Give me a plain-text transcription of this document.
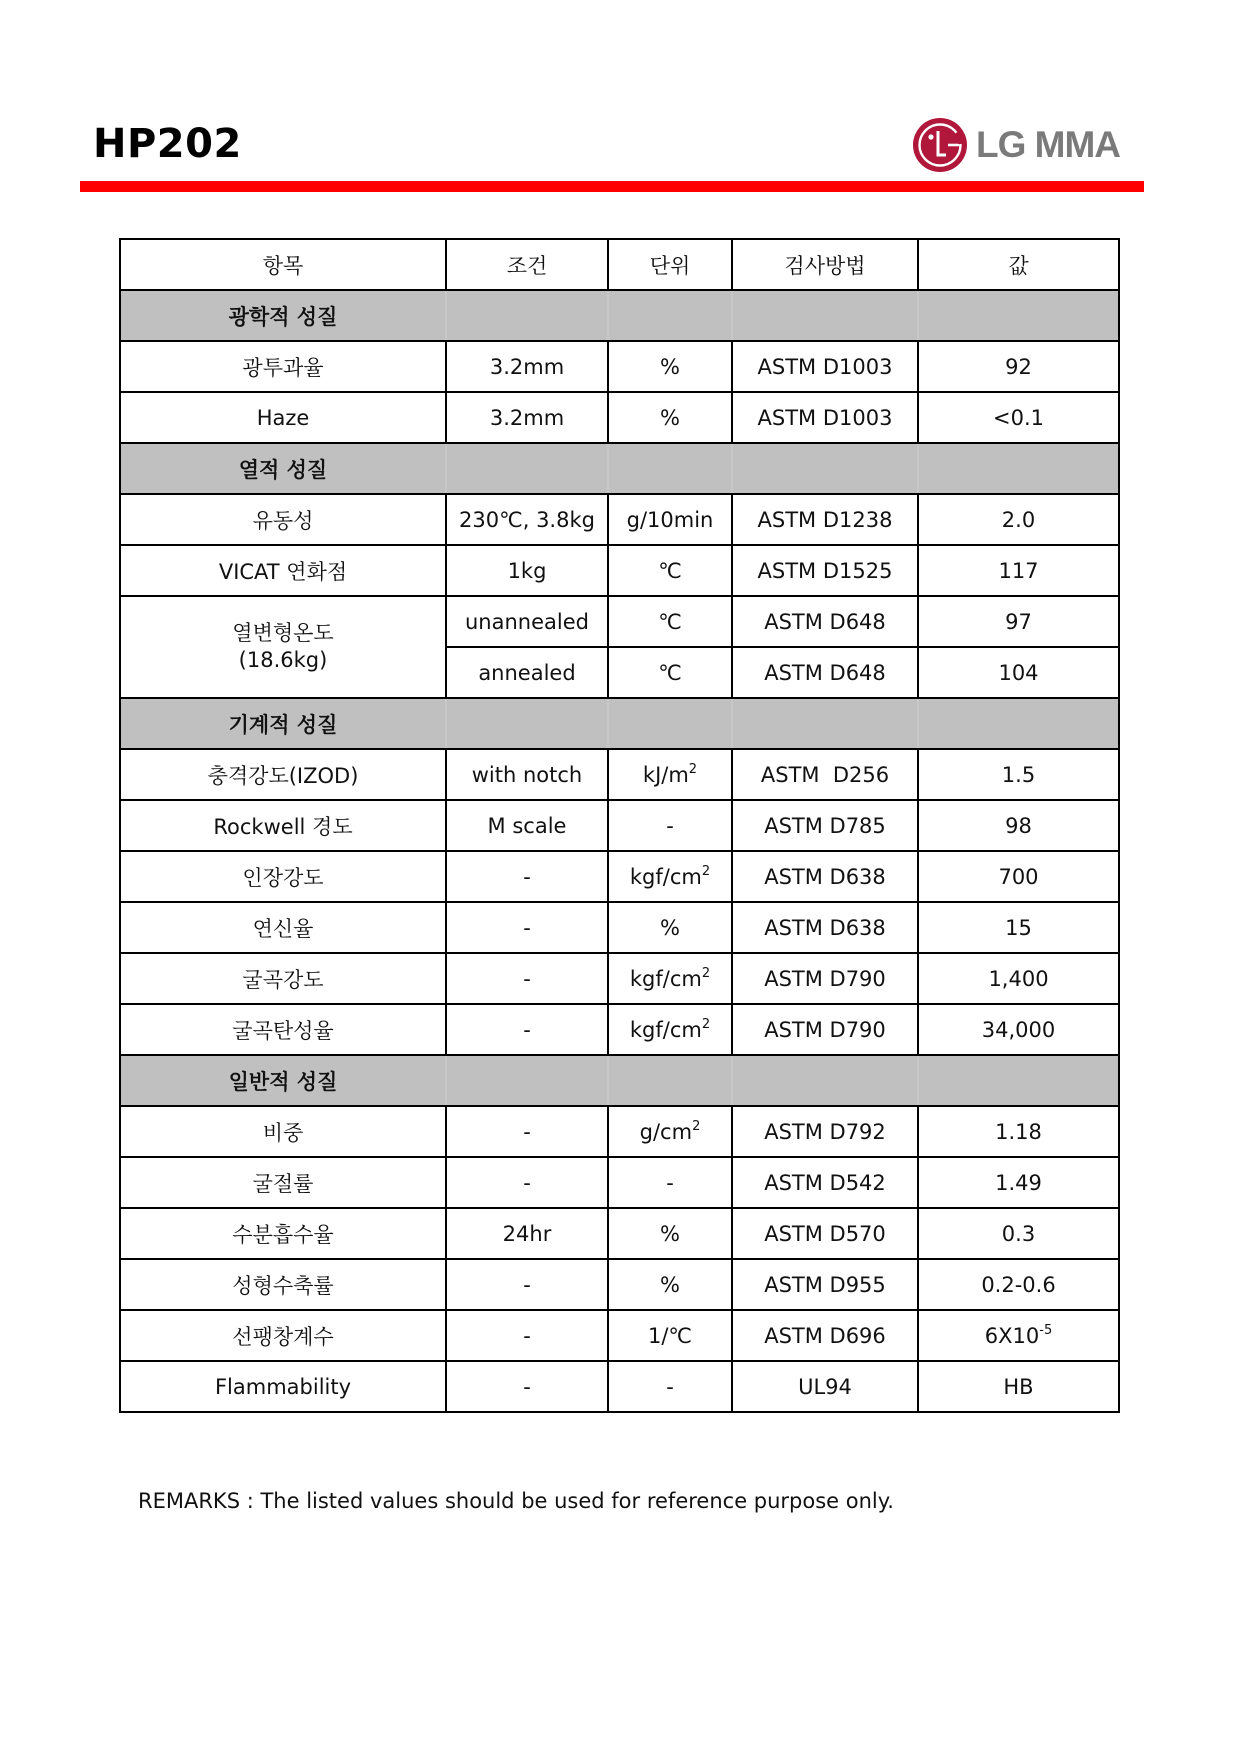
HP202	LG MMA
항목	조건	단위	검사방법	값
광학적 성질				
광투과율	3.2mm	%	ASTM D1003	92
Haze	3.2mm	%	ASTM D1003	<0.1
열적 성질				
유동성	230℃, 3.8kg	g/10min	ASTM D1238	2.0
VICAT 연화점	1kg	℃	ASTM D1525	117

열변형온도
(18.6kg)	unannealed	℃	ASTM D648	97
	annealed	℃	ASTM D648	104
기계적 성질				
충격강도(IZOD)	with notch	$kJ/m^2$	ASTM  D256	1.5
Rockwell 경도	M scale	-	ASTM D785	98
인장강도	-	kgf/$cm^2$	ASTM D638	700
연신율	-	%	ASTM D638	15
굴곡강도	-	kgf/$cm^2$	ASTM D790	1,400
굴곡탄성율	-	kgf/$cm^2$	ASTM D790	34,000
일반적 성질				
비중	-	$g/cm^2$	ASTM D792	1.18
굴절률	-	-	ASTM D542	1.49
수분흡수율	24hr	%	ASTM D570	0.3
성형수축률	-	%	ASTM D955	0.2-0.6
선팽창계수	-	1/℃	ASTM D696	$6X10^{-5}$
Flammability	-	-	UL94	HB
REMARKS : The listed values should be used for reference purpose only.
